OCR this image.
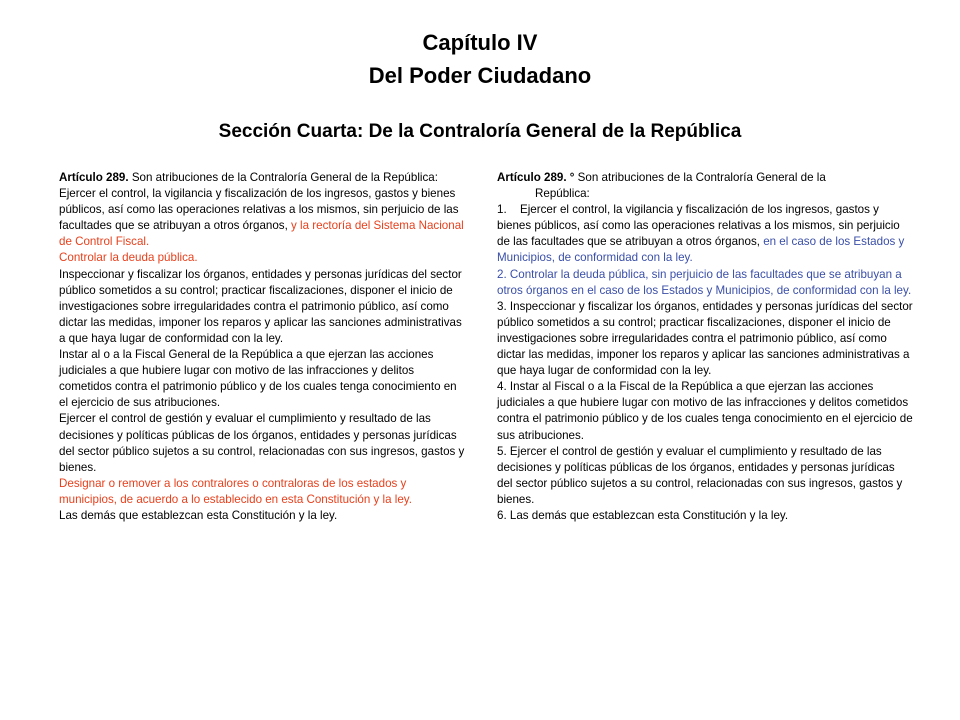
Capítulo IV

Del Poder Ciudadano

Sección Cuarta: De la Contraloría General de la República

Artículo 289. Son atribuciones de la Contraloría General de la República:

Ejercer el control, la vigilancia y fiscalización de los ingresos, gastos y bienes públicos, así como las operaciones relativas a los mismos, sin perjuicio de las facultades que se atribuyan a otros órganos, y la rectoría del Sistema Nacional de Control Fiscal.

Controlar la deuda pública.

Inspeccionar y fiscalizar los órganos, entidades y personas jurídicas del sector público sometidos a su control; practicar fiscalizaciones, disponer el inicio de investigaciones sobre irregularidades contra el patrimonio público, así como dictar las medidas, imponer los reparos y aplicar las sanciones administrativas a que haya lugar de conformidad con la ley.

Instar al o a la Fiscal General de la República a que ejerzan las acciones judiciales a que hubiere lugar con motivo de las infracciones y delitos cometidos contra el patrimonio público y de los cuales tenga conocimiento en el ejercicio de sus atribuciones.

Ejercer el control de gestión y evaluar el cumplimiento y resultado de las decisiones y políticas públicas de los órganos, entidades y personas jurídicas del sector público sujetos a su control, relacionadas con sus ingresos, gastos y bienes.

Designar o remover a los contralores o contraloras de los estados y municipios, de acuerdo a lo establecido en esta Constitución y la ley.

Las demás que establezcan esta Constitución y la ley.

Artículo 289. ° Son atribuciones de la Contraloría General de la

República:

1. Ejercer el control, la vigilancia y fiscalización de los ingresos, gastos y bienes públicos, así como las operaciones relativas a los mismos, sin perjuicio de las facultades que se atribuyan a otros órganos, en el caso de los Estados y Municipios, de conformidad con la ley.

2. Controlar la deuda pública, sin perjuicio de las facultades que se atribuyan a otros órganos en el caso de los Estados y Municipios, de conformidad con la ley.

3. Inspeccionar y fiscalizar los órganos, entidades y personas jurídicas del sector público sometidos a su control; practicar fiscalizaciones, disponer el inicio de investigaciones sobre irregularidades contra el patrimonio público, así como dictar las medidas, imponer los reparos y aplicar las sanciones administrativas a que haya lugar de conformidad con la ley.

4. Instar al Fiscal o a la Fiscal de la República a que ejerzan las acciones judiciales a que hubiere lugar con motivo de las infracciones y delitos cometidos contra el patrimonio público y de los cuales tenga conocimiento en el ejercicio de sus atribuciones.

5. Ejercer el control de gestión y evaluar el cumplimiento y resultado de las decisiones y políticas públicas de los órganos, entidades y personas jurídicas del sector público sujetos a su control, relacionadas con sus ingresos, gastos y bienes.

6. Las demás que establezcan esta Constitución y la ley.
